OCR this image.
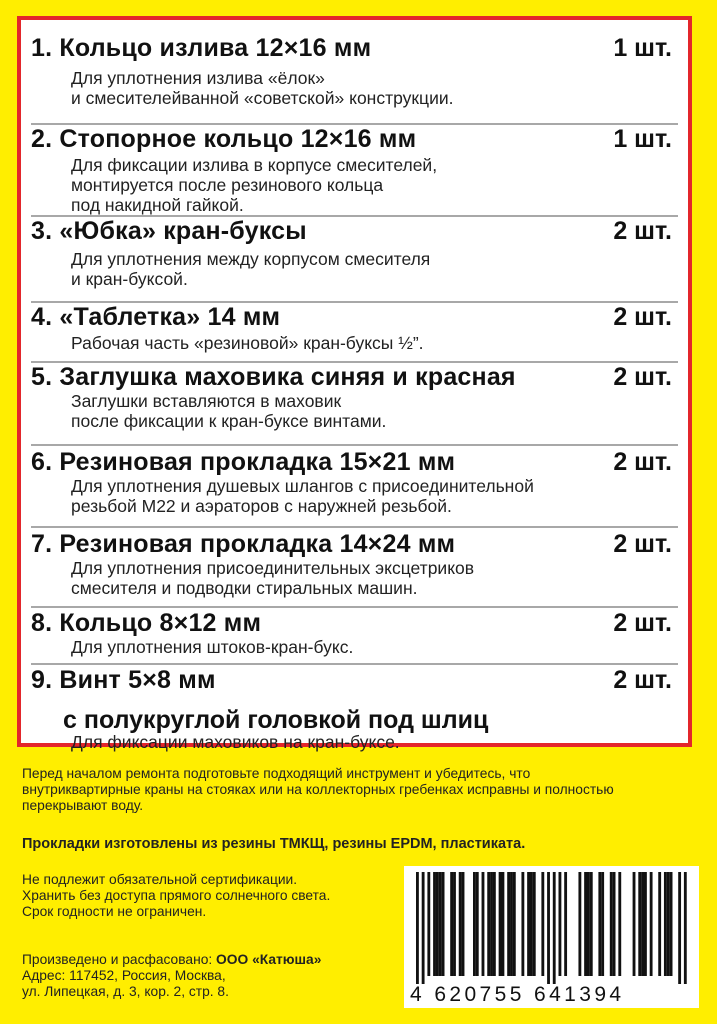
1. Кольцо излива 12×16 мм	1 шт.
Для уплотнения излива «ёлок»
и смесителейванной «советской» конструкции.
2. Стопорное кольцо 12×16 мм	1 шт.
Для фиксации излива в корпусе смесителей,
монтируется после резинового кольца
под накидной гайкой.
3. «Юбка» кран-буксы	2 шт.
Для уплотнения между корпусом смесителя
и кран-буксой.
4. «Таблетка» 14 мм	2 шт.
Рабочая часть «резиновой» кран-буксы ½”.
5. Заглушка маховика синяя и красная	2 шт.
Заглушки вставляются в маховик
после фиксации к кран-буксе винтами.
6. Резиновая прокладка 15×21 мм	2 шт.
Для уплотнения душевых шлангов с присоединительной
резьбой М22 и аэраторов с наружней резьбой.
7. Резиновая прокладка 14×24 мм	2 шт.
Для уплотнения присоединительных эксцетриков
смесителя и подводки стиральных машин.
8. Кольцо 8×12 мм	2 шт.
Для уплотнения штоков-кран-букс.
9. Винт 5×8 мм	2 шт.
с полукруглой головкой под шлиц
Для фиксации маховиков на кран-буксе.
Перед началом ремонта подготовьте подходящий инструмент и убедитесь, что
внутриквартирные краны на стояках или на коллекторных гребенках исправны и полностью
перекрывают воду.
Прокладки изготовлены из резины ТМКЩ, резины EPDM, пластиката.
Не подлежит обязательной сертификации.
Хранить без доступа прямого солнечного света.
Срок годности не ограничен.
Произведено и расфасовано: ООО «Катюша»
Адрес: 117452, Россия, Москва,
ул. Липецкая, д. 3, кор. 2, стр. 8.	4 620755 641394
